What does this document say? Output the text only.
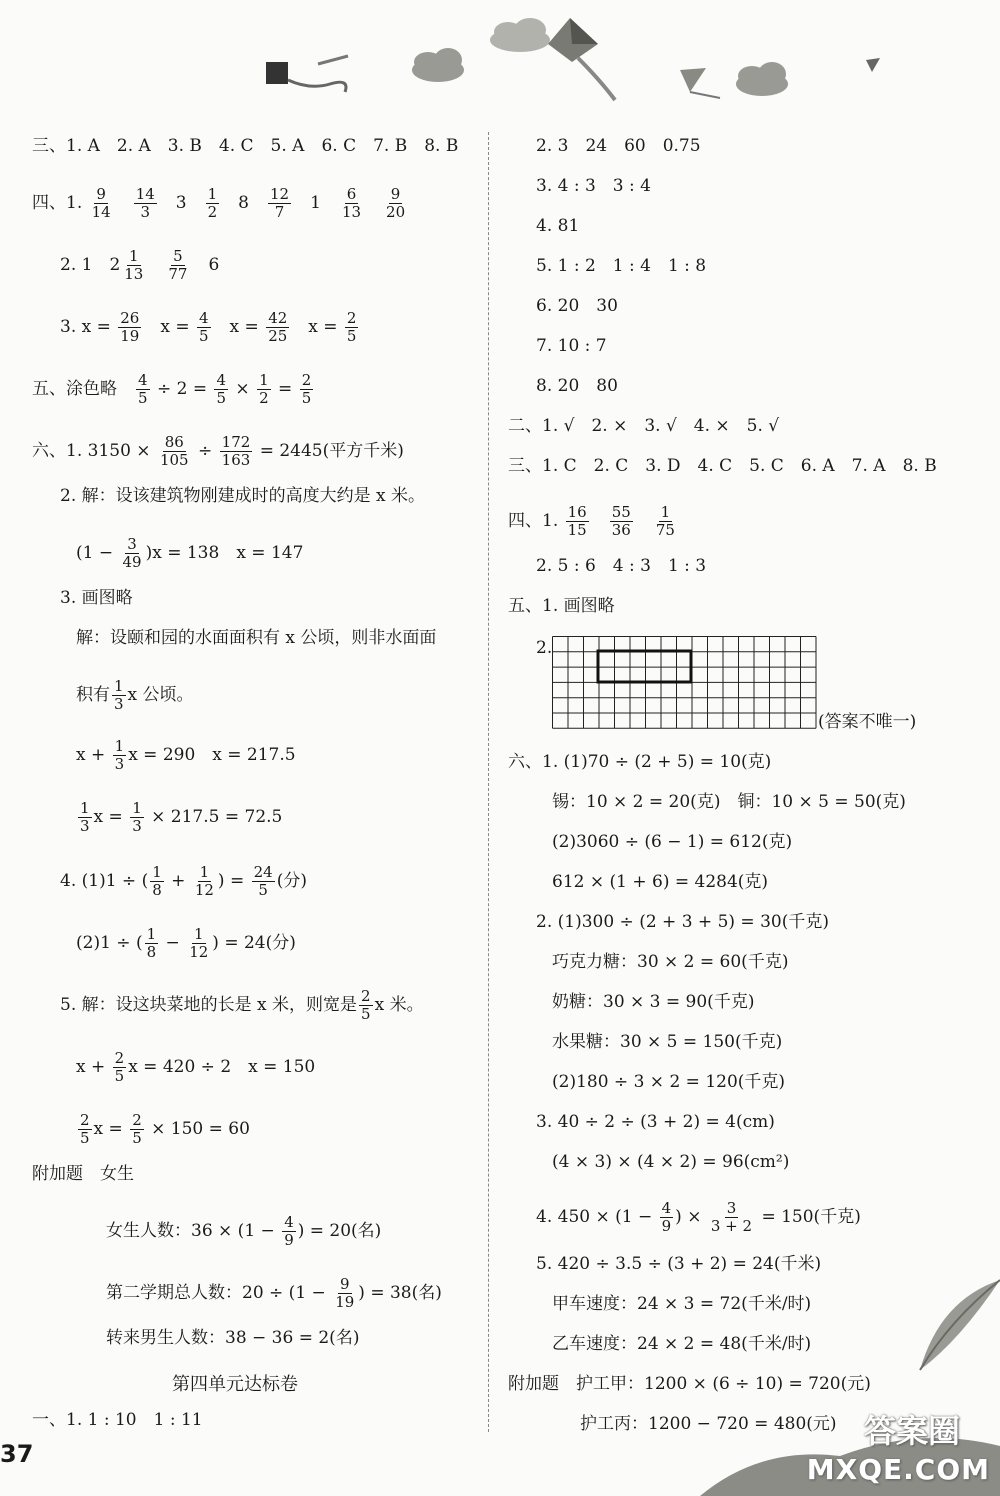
三、1. A　2. A　3. B　4. C　5. A　6. C　7. B　8. B
四、1. $\frac{9}{14}$
　 $\frac{14}{3}$ 　3　 $\frac{1}{2}$ 　8　 $\frac{12}{7}$ 　1　 $\frac{6}{13}$
　 $\frac{9}{20}$
2. 1　$2 \frac{1}{13}$
　 $\frac{5}{77}$ 　6
3. $x = \frac{26}{19}$ 　$x = \frac{4}{5}$ 　$x = \frac{42}{25}$ 　$x = \frac{2}{5}$
五、涂色略　 $\frac{4}{5} \div 2 = \frac{4}{5} \times \frac{1}{2} = \frac{2}{5}$
六、1. $3150 \times \frac{86}{105} \div \frac{172}{163} = 2445$(平方千米)
2. 解：设该建筑物刚建成时的高度大约是 x 米。
$(1 - \frac{3}{49} )x = 138$　x = 147
3. 画图略
解：设颐和园的水面面积有 x 公顷，则非水面面
积有 $\frac{1}{3}$ x 公顷。
$x + \frac{1}{3}$ x = 290　x = 217.5
$\frac{1}{3}$ $x = \frac{1}{3} \times 217.5 = 72.5$
4. (1)1 ÷ ( $\frac{1}{8} + \frac{1}{12}$ ) = $\frac{24}{5}$ (分)
(2)1 ÷ ( $\frac{1}{8} - \frac{1}{12}$ ) = 24(分)
5. 解：设这块菜地的长是 x 米，则宽是 $\frac{2}{5}$ x 米。
$x + \frac{2}{5}$ x = 420 ÷ 2　x = 150
$\frac{2}{5}$ $x = \frac{2}{5} \times 150 = 60$
附加题　女生
女生人数：$36 \times (1 - \frac{4}{9}$ ) = 20(名)
第二学期总人数：$20 \div (1 - \frac{9}{19}$ ) = 38(名)
转来男生人数：38 − 36 = 2(名)
一、1. 1 : 10　1 : 11
2. 3　24　60　0.75
3. 4 : 3　3 : 4
4. 81
5. 1 : 2　1 : 4　1 : 8
6. 20　30
7. 10 : 7
8. 20　80
二、1. √　2. ×　3. √　4. ×　5. √
三、1. C　2. C　3. D　4. C　5. C　6. A　7. A　8. B
四、1. $\frac{16}{15}$
　 $\frac{55}{36}$
　 $\frac{1}{75}$
2. 5 : 6　4 : 3　1 : 3
五、1. 画图略
2.
(答案不唯一)
六、1. (1)70 ÷ (2 + 5) = 10(克)
锡：10 × 2 = 20(克)　铜：10 × 5 = 50(克)
(2)3060 ÷ (6 − 1) = 612(克)
612 × (1 + 6) = 4284(克)
2. (1)300 ÷ (2 + 3 + 5) = 30(千克)
巧克力糖：30 × 2 = 60(千克)
奶糖：30 × 3 = 90(千克)
水果糖：30 × 5 = 150(千克)
(2)180 ÷ 3 × 2 = 120(千克)
3. 40 ÷ 2 ÷ (3 + 2) = 4(cm)
(4 × 3) × (4 × 2) = 96(cm²)
4. $450 \times (1 - \frac{4}{9}$ ) × $\frac{3}{3 + 2} = 150$(千克)
5. 420 ÷ 3.5 ÷ (3 + 2) = 24(千米)
甲车速度：24 × 3 = 72(千米/时)
乙车速度：24 × 2 = 48(千米/时)
附加题　护工甲：1200 × (6 ÷ 10) = 720(元)
护工丙：1200 − 720 = 480(元)
第四单元达标卷
37
答案圈
MXQE.COM
